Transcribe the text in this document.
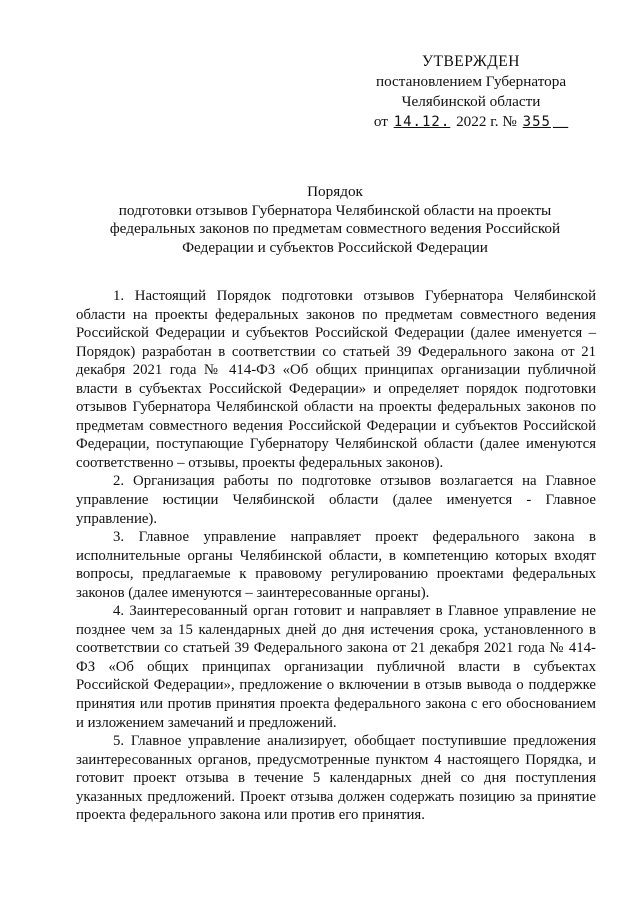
УТВЕРЖДЕН
постановлением Губернатора
Челябинской области
от 14.12. 2022 г. № 355 __
Порядок
подготовки отзывов Губернатора Челябинской области на проекты федеральных законов по предметам совместного ведения Российской Федерации и субъектов Российской Федерации

1. Настоящий Порядок подготовки отзывов Губернатора Челябинской области на проекты федеральных законов по предметам совместного ведения Российской Федерации и субъектов Российской Федерации (далее именуется – Порядок) разработан в соответствии со статьей 39 Федерального закона от 21 декабря 2021 года № 414-ФЗ «Об общих принципах организации публичной власти в субъектах Российской Федерации» и определяет порядок подготовки отзывов Губернатора Челябинской области на проекты федеральных законов по предметам совместного ведения Российской Федерации и субъектов Российской Федерации, поступающие Губернатору Челябинской области (далее именуются соответственно – отзывы, проекты федеральных законов).

2. Организация работы по подготовке отзывов возлагается на Главное управление юстиции Челябинской области (далее именуется - Главное управление).

3. Главное управление направляет проект федерального закона в исполнительные органы Челябинской области, в компетенцию которых входят вопросы, предлагаемые к правовому регулированию проектами федеральных законов (далее именуются – заинтересованные органы).

4. Заинтересованный орган готовит и направляет в Главное управление не позднее чем за 15 календарных дней до дня истечения срока, установленного в соответствии со статьей 39 Федерального закона от 21 декабря 2021 года № 414-ФЗ «Об общих принципах организации публичной власти в субъектах Российской Федерации», предложение о включении в отзыв вывода о поддержке принятия или против принятия проекта федерального закона с его обоснованием и изложением замечаний и предложений.

5. Главное управление анализирует, обобщает поступившие предложения заинтересованных органов, предусмотренные пунктом 4 настоящего Порядка, и готовит проект отзыва в течение 5 календарных дней со дня поступления указанных предложений. Проект отзыва должен содержать позицию за принятие проекта федерального закона или против его принятия.
